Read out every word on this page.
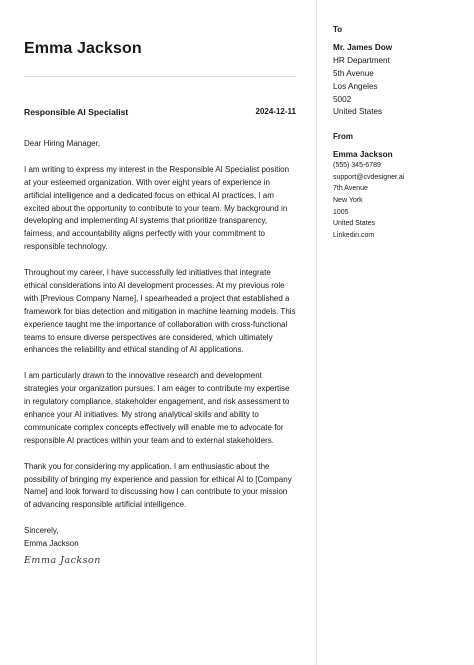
Emma Jackson
Responsible AI Specialist	2024-12-11

Dear Hiring Manager,

I am writing to express my interest in the Responsible AI Specialist position at your esteemed organization. With over eight years of experience in artificial intelligence and a dedicated focus on ethical AI practices, I am excited about the opportunity to contribute to your team. My background in developing and implementing AI systems that prioritize transparency, fairness, and accountability aligns perfectly with your commitment to responsible technology.

Throughout my career, I have successfully led initiatives that integrate ethical considerations into AI development processes. At my previous role with [Previous Company Name], I spearheaded a project that established a framework for bias detection and mitigation in machine learning models. This experience taught me the importance of collaboration with cross-functional teams to ensure diverse perspectives are considered, which ultimately enhances the reliability and ethical standing of AI applications.

I am particularly drawn to the innovative research and development strategies your organization pursues. I am eager to contribute my expertise in regulatory compliance, stakeholder engagement, and risk assessment to enhance your AI initiatives. My strong analytical skills and ability to communicate complex concepts effectively will enable me to advocate for responsible AI practices within your team and to external stakeholders.

Thank you for considering my application. I am enthusiastic about the possibility of bringing my experience and passion for ethical AI to [Company Name] and look forward to discussing how I can contribute to your mission of advancing responsible artificial intelligence.

Sincerely,
Emma Jackson
Emma Jackson
To
Mr. James Dow
HR Department
5th Avenue
Los Angeles
5002
United States
From
Emma Jackson
(555) 345-6789
support@cvdesigner.ai
7th Avenue
New York
1005
United States
Linkedin.com
